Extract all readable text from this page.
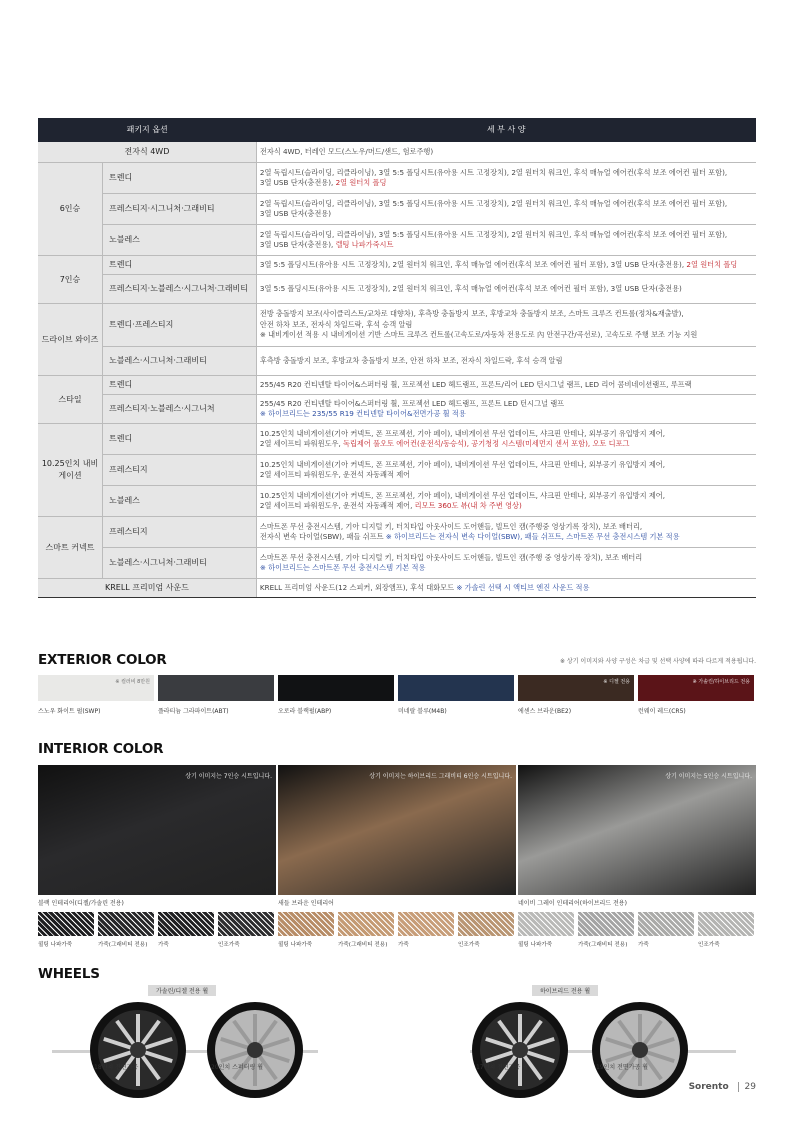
패키지 옵션		세 부 사 양
전자식 4WD		전자식 4WD, 터레인 모드(스노우/머드/샌드, 험로주행)
6인승	트렌디	2열 독립시트(슬라이딩, 리클라이닝), 3열 5:5 폴딩시트(유아용 시트 고정장치), 2열 원터치 워크인, 후석 매뉴얼 에어컨(후석 보조 에어컨 필터 포함),
3열 USB 단자(충전용), 2열 원터치 폴딩
	프레스티지·시그니처·그래비티	2열 독립시트(슬라이딩, 리클라이닝), 3열 5:5 폴딩시트(유아용 시트 고정장치), 2열 원터치 워크인, 후석 매뉴얼 에어컨(후석 보조 에어컨 필터 포함),
3열 USB 단자(충전용)
	노블레스	2열 독립시트(슬라이딩, 리클라이닝), 3열 5:5 폴딩시트(유아용 시트 고정장치), 2열 원터치 워크인, 후석 매뉴얼 에어컨(후석 보조 에어컨 필터 포함),
3열 USB 단자(충전용), 렐팅 나파가죽시트
7인승	트렌디	3열 5:5 폴딩시트(유아용 시트 고정장치), 2열 원터치 워크인, 후석 매뉴얼 에어컨(후석 보조 에어컨 필터 포함), 3열 USB 단자(충전용), 2열 원터치 폴딩
	프레스티지·노블레스·시그니처·그래비티	3열 5:5 폴딩시트(유아용 시트 고정장치), 2열 원터치 워크인, 후석 매뉴얼 에어컨(후석 보조 에어컨 필터 포함), 3열 USB 단자(충전용)
드라이브 와이즈	트렌디·프레스티지	전방 충돌방지 보조(사이클리스트/교차로 대향차), 후측방 충돌방지 보조, 후방교차 충돌방지 보조, 스마트 크루즈 컨트롤(정차&재출발),
안전 하차 보조, 전자식 차일드락, 후석 승객 알림
※ 내비게이션 적용 시 내비게이션 기반 스마트 크루즈 컨트롤(고속도로/자동차 전용도로 內 안전구간/곡선로), 고속도로 주행 보조 기능 지원
	노블레스·시그니처·그래비티	후측방 충돌방지 보조, 후방교차 충돌방지 보조, 안전 하차 보조, 전자식 차일드락, 후석 승객 알림
스타일	트렌디	255/45 R20 컨티넨탈 타이어&스퍼터링 휠, 프로젝션 LED 헤드램프, 프론트/리어 LED 턴시그널 램프, LED 리어 콤비네이션램프, 루프랙
	프레스티지·노블레스·시그니처	255/45 R20 컨티넨탈 타이어&스퍼터링 휠, 프로젝션 LED 헤드램프, 프론트 LED 턴시그널 램프
※ 하이브리드는 235/55 R19 컨티넨탈 타이어&전면가공 휠 적용
10.25인치 내비게이션	트렌디	10.25인치 내비게이션(기아 커넥트, 폰 프로젝션, 기아 페이), 내비게이션 무선 업데이트, 샤크핀 안테나, 외부공기 유입방지 제어,
2열 세이프티 파워윈도우, 독립제어 풀오토 에어컨(운전석/동승석), 공기청정 시스템(미세먼지 센서 포함), 오토 디포그
	프레스티지	10.25인치 내비게이션(기아 커넥트, 폰 프로젝션, 기아 페이), 내비게이션 무선 업데이트, 샤크핀 안테나, 외부공기 유입방지 제어,
2열 세이프티 파워윈도우, 운전석 자동쾌적 제어
	노블레스	10.25인치 내비게이션(기아 커넥트, 폰 프로젝션, 기아 페이), 내비게이션 무선 업데이트, 샤크핀 안테나, 외부공기 유입방지 제어,
2열 세이프티 파워윈도우, 운전석 자동쾌적 제어, 리모트 360도 뷰(내 차 주변 영상)
스마트 커넥트	프레스티지	스마트폰 무선 충전시스템, 기아 디지털 키, 터치타입 아웃사이드 도어핸들, 빌트인 캠(주행중 영상기록 장치), 보조 배터리,
전자식 변속 다이얼(SBW), 패들 쉬프트 ※ 하이브리드는 전자식 변속 다이얼(SBW), 패들 쉬프트, 스마트폰 무선 충전시스템 기본 적용
	노블레스·시그니처·그래비티	스마트폰 무선 충전시스템, 기아 디지털 키, 터치타입 아웃사이드 도어핸들, 빌트인 캠(주행 중 영상기록 장치), 보조 배터리
※ 하이브리드는 스마트폰 무선 충전시스템 기본 적용
KRELL 프리미엄 사운드		KRELL 프리미엄 사운드(12 스피커, 외장앰프), 후석 대화모드 ※ 가솔린 선택 시 액티브 엔진 사운드 적용
EXTERIOR COLOR	※ 상기 이미지와 사양 구성은 차급 및 선택 사양에 따라 다르게 적용됩니다.
※ 컬러비 8만원
스노우 화이트 펄(SWP)	플라티늄 그라파이트(ABT)	오로라 블랙펄(ABP)	미네랄 블루(M4B)
※ 디젤 전용
에센스 브라운(BE2)
※ 가솔린/하이브리드 전용
런웨이 레드(CR5)
INTERIOR COLOR
상기 이미지는 7인승 시트입니다.
블랙 인테리어(디젤/가솔린 전용)
상기 이미지는 하이브리드 그래비티 6인승 시트입니다.
새들 브라운 인테리어
상기 이미지는 5인승 시트입니다.
네이비 그레이 인테리어(하이브리드 전용)
퀼팅 나파가죽	가죽(그래비티 전용) 가죽	인조가죽	퀼팅 나파가죽	가죽(그래비티 전용) 가죽	인조가죽	퀼팅 나파가죽	가죽(그래비티 전용) 가죽	인조가죽
WHEELS
가솔린/디젤 전용 휠	하이브리드 전용 휠
18인치 전면가공 휠	20인치 스퍼터링 휠	17인치 전면가공 휠	19인치 전면가공 휠
Sorento 29
